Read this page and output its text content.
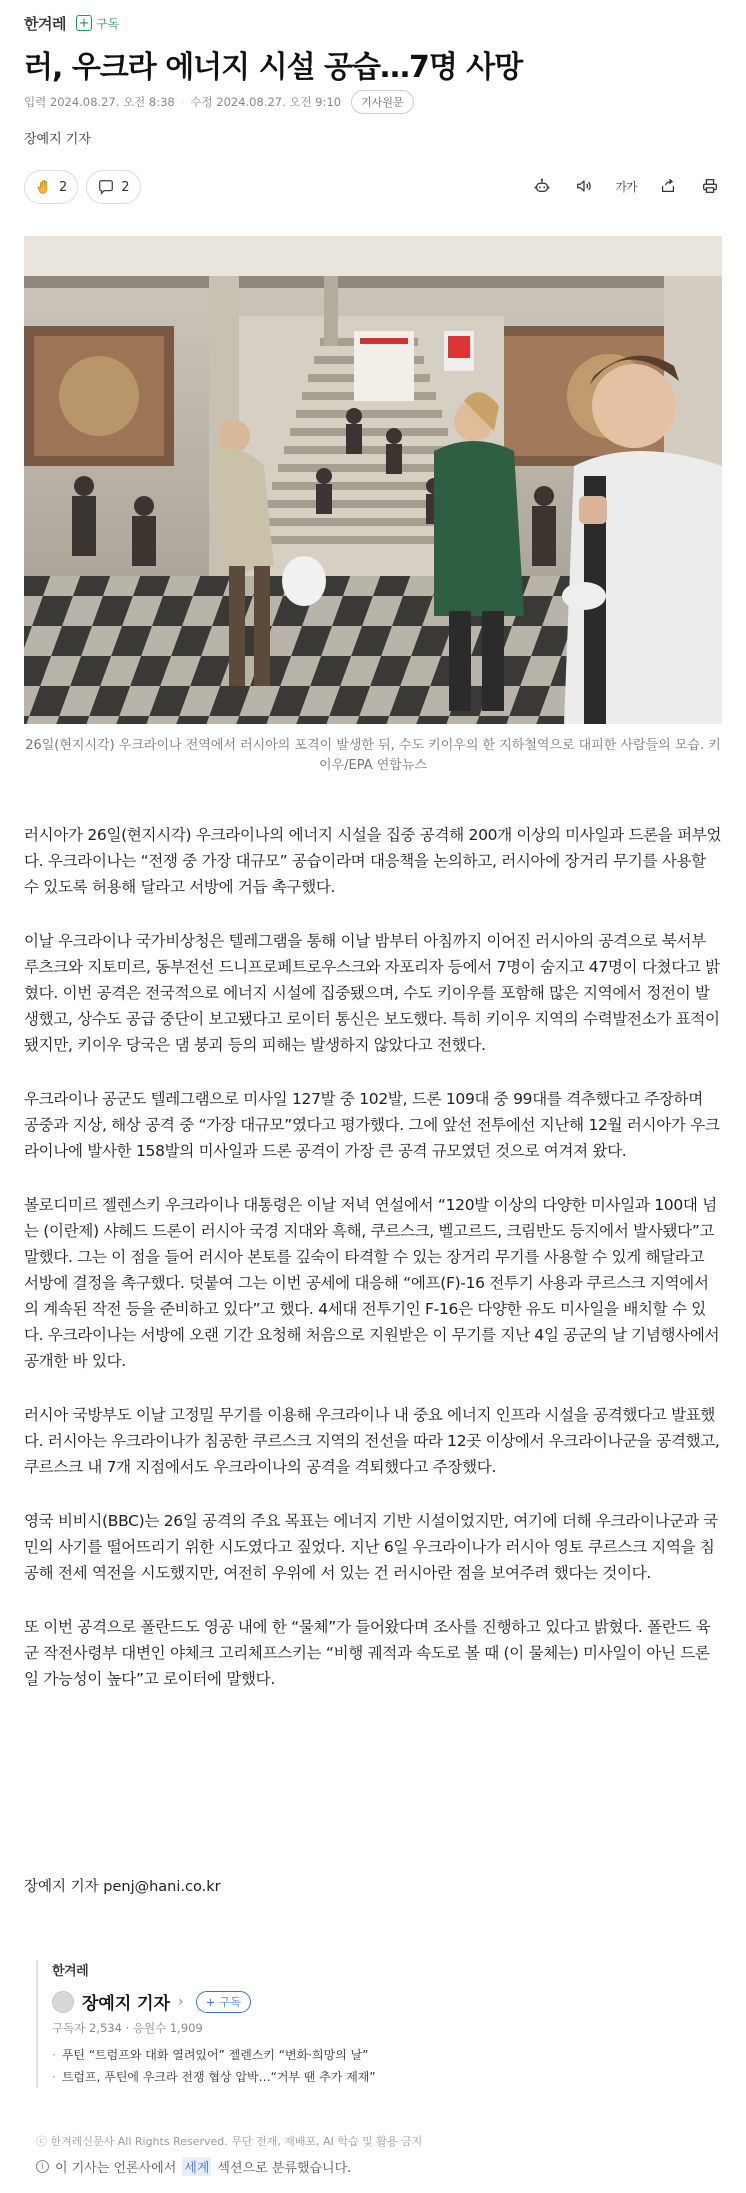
한겨레 + 구독
러, 우크라 에너지 시설 공습…7명 사망
입력 2024.08.27. 오전 8:38 · 수정 2024.08.27. 오전 9:10	기사원문
장예지 기자
2	2	가가
26일(현지시각) 우크라이나 전역에서 러시아의 포격이 발생한 뒤, 수도 키이우의 한 지하철역으로 대피한 사람들의 모습. 키이우/EPA 연합뉴스

러시아가 26일(현지시각) 우크라이나의 에너지 시설을 집중 공격해 200개 이상의 미사일과 드론을 퍼부었다. 우크라이나는 “전쟁 중 가장 대규모” 공습이라며 대응책을 논의하고, 러시아에 장거리 무기를 사용할 수 있도록 허용해 달라고 서방에 거듭 촉구했다.

이날 우크라이나 국가비상청은 텔레그램을 통해 이날 밤부터 아침까지 이어진 러시아의 공격으로 북서부 루츠크와 지토미르, 동부전선 드니프로페트로우스크와 자포리자 등에서 7명이 숨지고 47명이 다쳤다고 밝혔다. 이번 공격은 전국적으로 에너지 시설에 집중됐으며, 수도 키이우를 포함해 많은 지역에서 정전이 발생했고, 상수도 공급 중단이 보고됐다고 로이터 통신은 보도했다. 특히 키이우 지역의 수력발전소가 표적이 됐지만, 키이우 당국은 댐 붕괴 등의 피해는 발생하지 않았다고 전했다.

우크라이나 공군도 텔레그램으로 미사일 127발 중 102발, 드론 109대 중 99대를 격추했다고 주장하며 공중과 지상, 해상 공격 중 “가장 대규모”였다고 평가했다. 그에 앞선 전투에선 지난해 12월 러시아가 우크라이나에 발사한 158발의 미사일과 드론 공격이 가장 큰 공격 규모였던 것으로 여겨져 왔다.

볼로디미르 젤렌스키 우크라이나 대통령은 이날 저녁 연설에서 “120발 이상의 다양한 미사일과 100대 넘는 (이란제) 샤헤드 드론이 러시아 국경 지대와 흑해, 쿠르스크, 벨고르드, 크림반도 등지에서 발사됐다”고 말했다. 그는 이 점을 들어 러시아 본토를 깊숙이 타격할 수 있는 장거리 무기를 사용할 수 있게 해달라고 서방에 결정을 촉구했다. 덧붙여 그는 이번 공세에 대응해 “에프(F)-16 전투기 사용과 쿠르스크 지역에서의 계속된 작전 등을 준비하고 있다”고 했다. 4세대 전투기인 F-16은 다양한 유도 미사일을 배치할 수 있다. 우크라이나는 서방에 오랜 기간 요청해 처음으로 지원받은 이 무기를 지난 4일 공군의 날 기념행사에서 공개한 바 있다.

러시아 국방부도 이날 고정밀 무기를 이용해 우크라이나 내 중요 에너지 인프라 시설을 공격했다고 발표했다. 러시아는 우크라이나가 침공한 쿠르스크 지역의 전선을 따라 12곳 이상에서 우크라이나군을 공격했고, 쿠르스크 내 7개 지점에서도 우크라이나의 공격을 격퇴했다고 주장했다.

영국 비비시(BBC)는 26일 공격의 주요 목표는 에너지 기반 시설이었지만, 여기에 더해 우크라이나군과 국민의 사기를 떨어뜨리기 위한 시도였다고 짚었다. 지난 6일 우크라이나가 러시아 영토 쿠르스크 지역을 침공해 전세 역전을 시도했지만, 여전히 우위에 서 있는 건 러시아란 점을 보여주려 했다는 것이다.

또 이번 공격으로 폴란드도 영공 내에 한 “물체”가 들어왔다며 조사를 진행하고 있다고 밝혔다. 폴란드 육군 작전사령부 대변인 야체크 고리체프스키는 “비행 궤적과 속도로 볼 때 (이 물체는) 미사일이 아닌 드론일 가능성이 높다”고 로이터에 말했다.

장예지 기자 penj@hani.co.kr
한겨레
장예지 기자 ›	+ 구독
구독자 2,534 · 응원수 1,909
· 푸틴 “트럼프와 대화 열려있어” 젤렌스키 “변화·희망의 날”
· 트럼프, 푸틴에 우크라 전쟁 협상 압박…“거부 땐 추가 제재”
ⓒ 한겨레신문사 All Rights Reserved. 무단 전재, 재배포, AI 학습 및 활용 금지
i 이 기사는 언론사에서 세계 섹션으로 분류했습니다.
